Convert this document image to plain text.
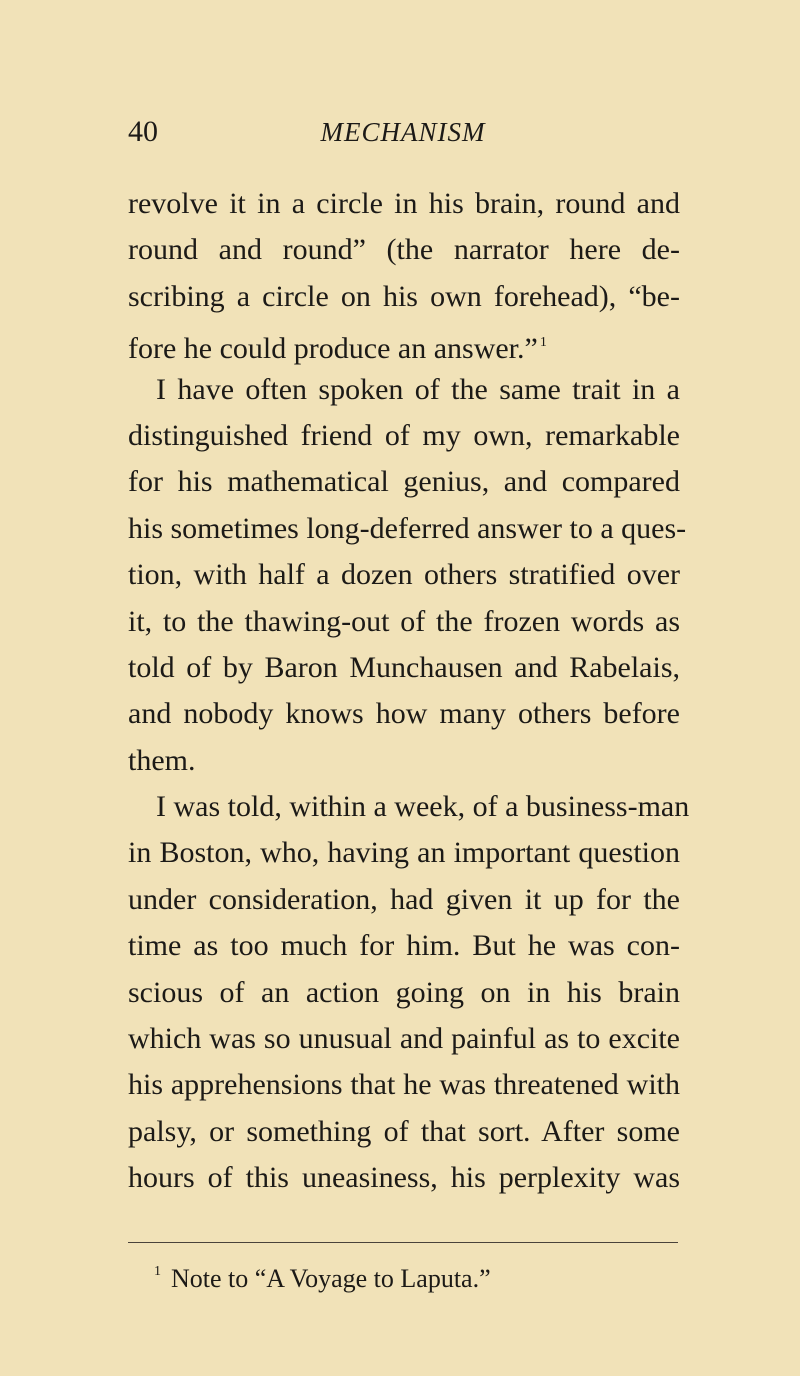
40	MECHANISM
revolve it in a circle in his brain, round and
round and round” (the narrator here de-
scribing a circle on his own forehead), “be-
fore he could produce an answer.” $^1$
I have often spoken of the same trait in a
distinguished friend of my own, remarkable
for his mathematical genius, and compared
his sometimes long-deferred answer to a ques-
tion, with half a dozen others stratified over
it, to the thawing-out of the frozen words as
told of by Baron Munchausen and Rabelais,
and nobody knows how many others before
them.
I was told, within a week, of a business-man
in Boston, who, having an important question
under consideration, had given it up for the
time as too much for him. But he was con-
scious of an action going on in his brain
which was so unusual and painful as to excite
his apprehensions that he was threatened with
palsy, or something of that sort. After some
hours of this uneasiness, his perplexity was
$^1$ Note to “A Voyage to Laputa.”
